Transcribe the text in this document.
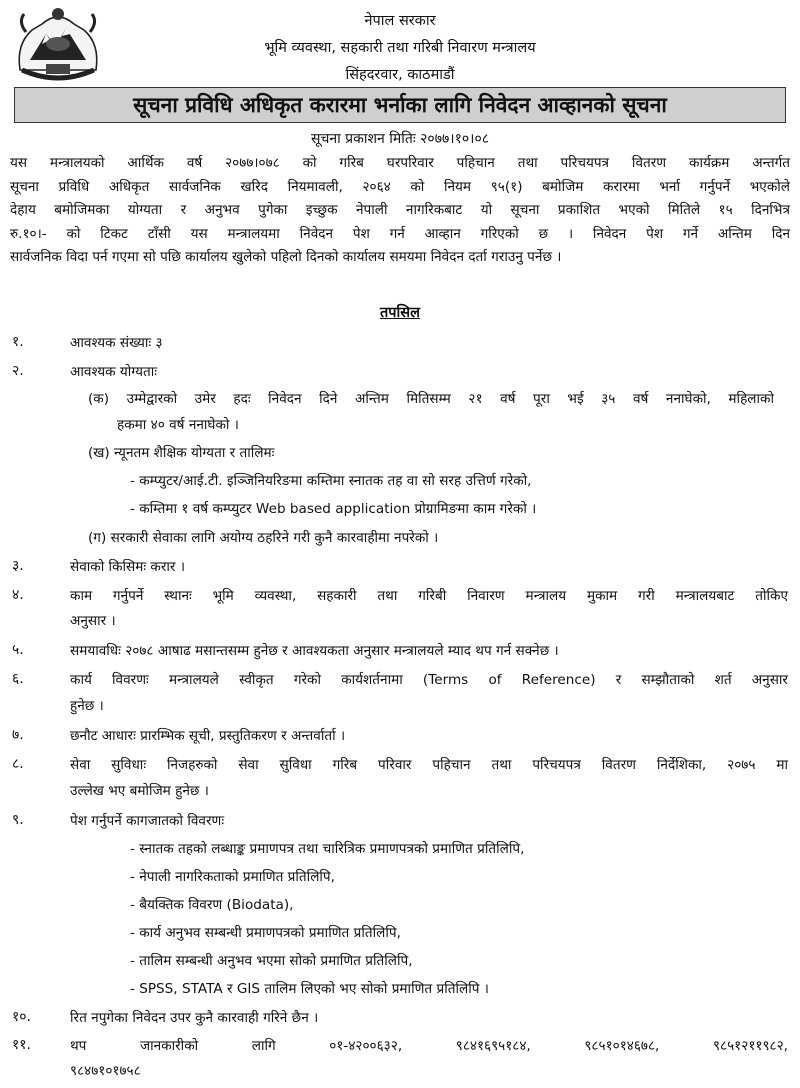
नेपाल सरकार
भूमि व्यवस्था, सहकारी तथा गरिबी निवारण मन्त्रालय
सिंहदरवार, काठमाडौं
सूचना प्रविधि अधिकृत करारमा भर्नाका लागि निवेदन आव्हानको सूचना
सूचना प्रकाशन मितिः २०७७।१०।०८
यस मन्त्रालयको आर्थिक वर्ष २०७७।०७८ को गरिब घरपरिवार पहिचान तथा परिचयपत्र वितरण कार्यक्रम अन्तर्गत
सूचना प्रविधि अधिकृत सार्वजनिक खरिद नियमावली, २०६४ को नियम ९५(१) बमोजिम करारमा भर्ना गर्नुपर्ने भएकोले
देहाय बमोजिमका योग्यता र अनुभव पुगेका इच्छुक नेपाली नागरिकबाट यो सूचना प्रकाशित भएको मितिले १५ दिनभित्र
रु.१०।- को टिकट टाँसी यस मन्त्रालयमा निवेदन पेश गर्न आव्हान गरिएको छ । निवेदन पेश गर्ने अन्तिम दिन
सार्वजनिक विदा पर्न गएमा सो पछि कार्यालय खुलेको पहिलो दिनको कार्यालय समयमा निवेदन दर्ता गराउनु पर्नेछ ।
तपसिल
१.	आवश्यक संख्याः ३
२.	आवश्यक योग्यताः
(क) उम्मेद्वारको उमेर हदः निवेदन दिने अन्तिम मितिसम्म २१ वर्ष पूरा भई ३५ वर्ष ननाघेको, महिलाको
हकमा ४० वर्ष ननाघेको ।
(ख) न्यूनतम शैक्षिक योग्यता र तालिमः
- कम्प्युटर/आई.टी. इञ्जिनियरिङमा कम्तिमा स्नातक तह वा सो सरह उत्तिर्ण गरेको,
- कम्तिमा १ वर्ष कम्प्युटर Web based application प्रोग्रामिङमा काम गरेको ।
(ग) सरकारी सेवाका लागि अयोग्य ठहरिने गरी कुनै कारवाहीमा नपरेको ।
३.	सेवाको किसिमः करार ।
४.	काम गर्नुपर्ने स्थानः भूमि व्यवस्था, सहकारी तथा गरिबी निवारण मन्त्रालय मुकाम गरी मन्त्रालयबाट तोकिए
अनुसार ।
५.	समयावधिः २०७८ आषाढ मसान्तसम्म हुनेछ र आवश्यकता अनुसार मन्त्रालयले म्याद थप गर्न सक्नेछ ।
६.	कार्य विवरणः मन्त्रालयले स्वीकृत गरेको कार्यशर्तनामा (Terms of Reference) र सम्झौताको शर्त अनुसार
हुनेछ ।
७.	छनौट आधारः प्रारम्भिक सूची, प्रस्तुतिकरण र अन्तर्वार्ता ।
८.	सेवा सुविधाः निजहरुको सेवा सुविधा गरिब परिवार पहिचान तथा परिचयपत्र वितरण निर्देशिका, २०७५ मा
उल्लेख भए बमोजिम हुनेछ ।
९.	पेश गर्नुपर्ने कागजातको विवरणः
- स्नातक तहको लब्धाङ्क प्रमाणपत्र तथा चारित्रिक प्रमाणपत्रको प्रमाणित प्रतिलिपि,
- नेपाली नागरिकताको प्रमाणित प्रतिलिपि,
- बैयक्तिक विवरण (Biodata),
- कार्य अनुभव सम्बन्धी प्रमाणपत्रको प्रमाणित प्रतिलिपि,
- तालिम सम्बन्धी अनुभव भएमा सोको प्रमाणित प्रतिलिपि,
- SPSS, STATA र GIS तालिम लिएको भए सोको प्रमाणित प्रतिलिपि ।
१०.	रित नपुगेका निवेदन उपर कुनै कारवाही गरिने छैन ।
११.	थप जानकारीको लागि ०१-४२००६३२, ९८४१६९५१८४, ९८५१०१४६७८, ९८५१२११९८२,
९८४७१०१७५८
